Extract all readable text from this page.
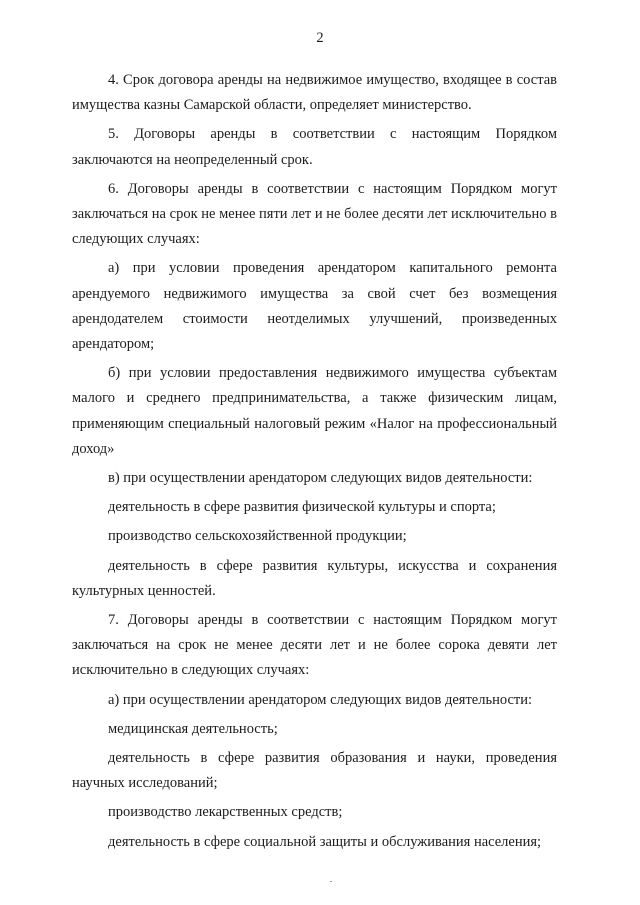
2

4. Срок договора аренды на недвижимое имущество, входящее в состав имущества казны Самарской области, определяет министерство.

5. Договоры аренды в соответствии с настоящим Порядком заключаются на неопределенный срок.

6. Договоры аренды в соответствии с настоящим Порядком могут заключаться на срок не менее пяти лет и не более десяти лет исключительно в следующих случаях:

а) при условии проведения арендатором капитального ремонта арендуемого недвижимого имущества за свой счет без возмещения арендодателем стоимости неотделимых улучшений, произведенных арендатором;

б) при условии предоставления недвижимого имущества субъектам малого и среднего предпринимательства, а также физическим лицам, применяющим специальный налоговый режим «Налог на профессиональный доход»

в) при осуществлении арендатором следующих видов деятельности:

деятельность в сфере развития физической культуры и спорта;

производство сельскохозяйственной продукции;

деятельность в сфере развития культуры, искусства и сохранения культурных ценностей.

7. Договоры аренды в соответствии с настоящим Порядком могут заключаться на срок не менее десяти лет и не более сорока девяти лет исключительно в следующих случаях:

а) при осуществлении арендатором следующих видов деятельности:

медицинская деятельность;

деятельность в сфере развития образования и науки, проведения научных исследований;

производство лекарственных средств;

деятельность в сфере социальной защиты и обслуживания населения;
